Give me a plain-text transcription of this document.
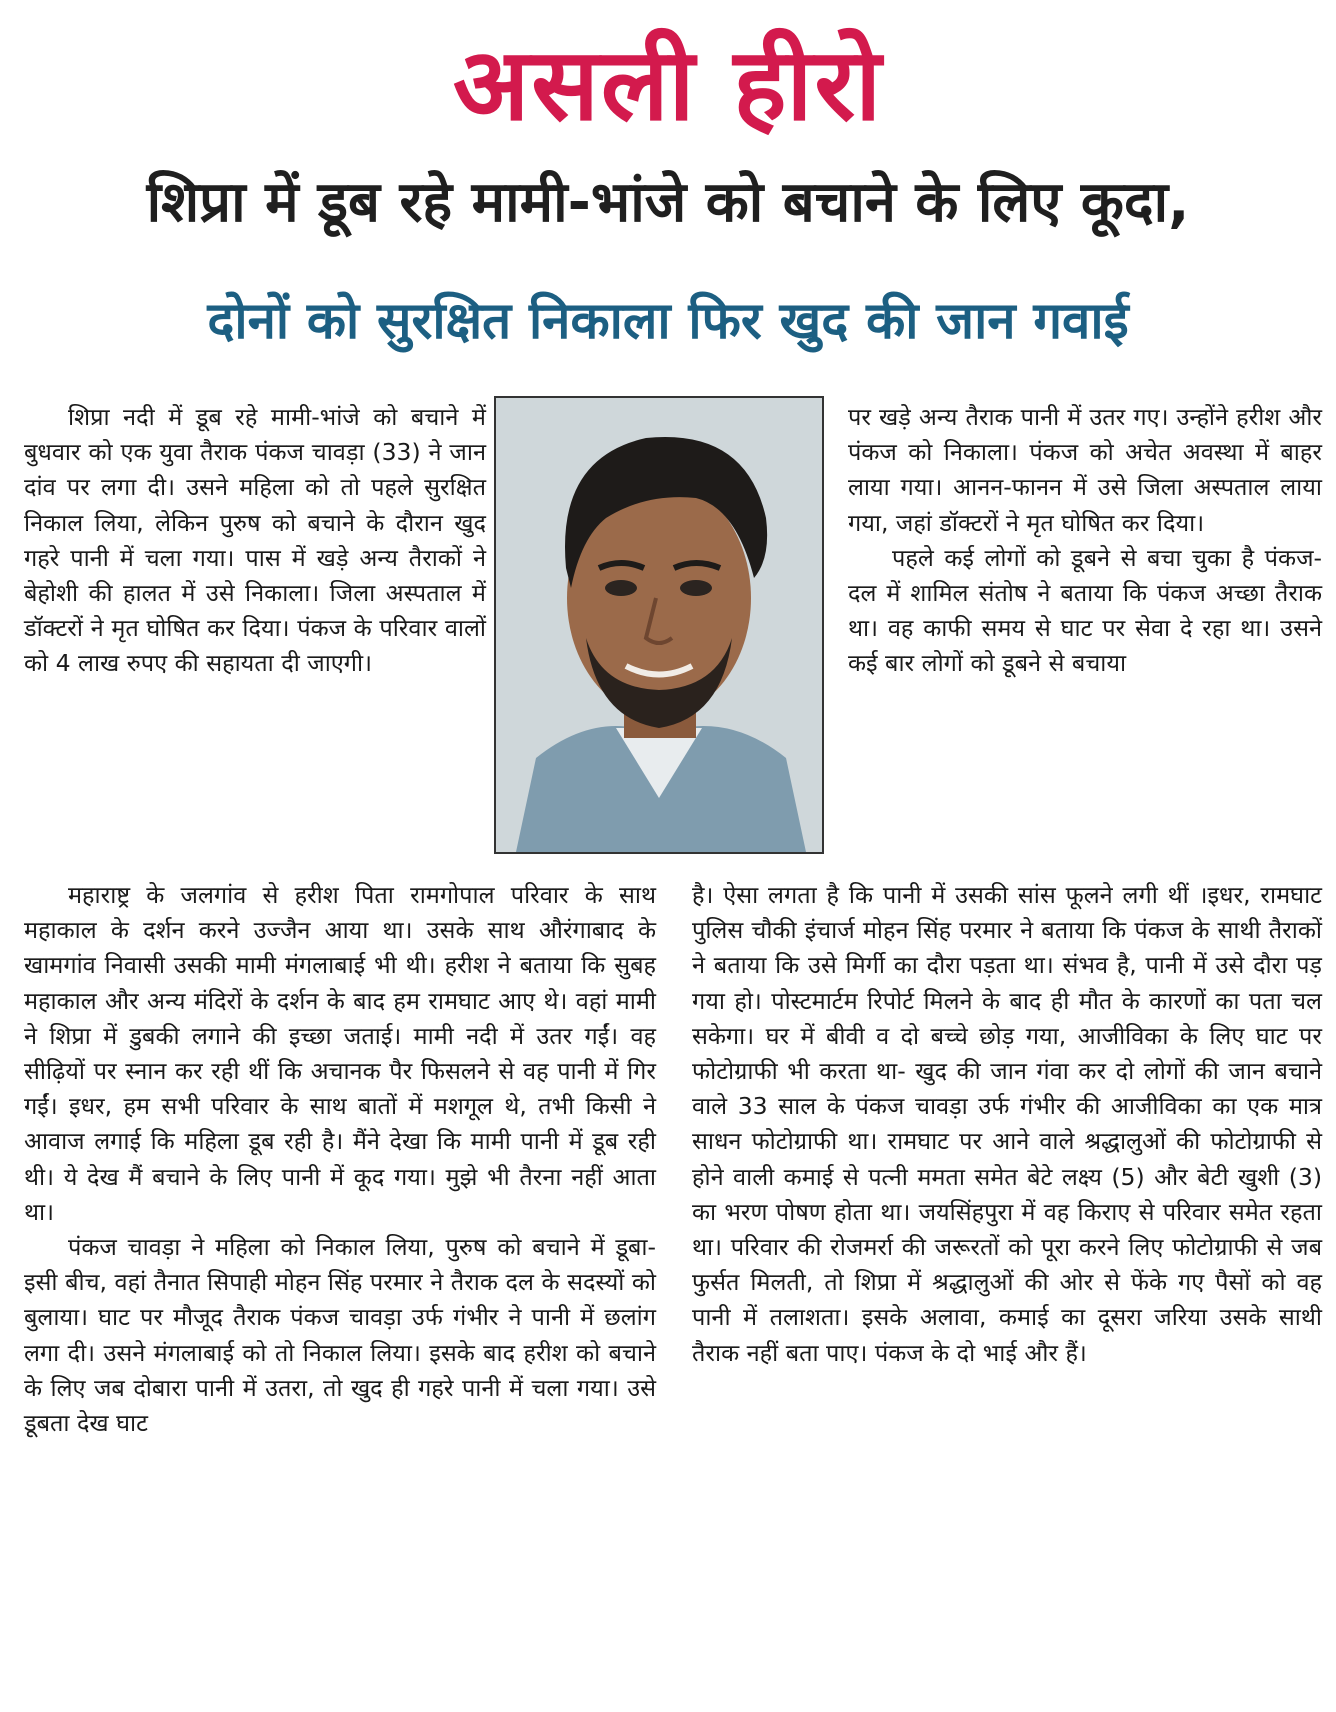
असली हीरो
शिप्रा में डूब रहे मामी-भांजे को बचाने के लिए कूदा,
दोनों को सुरक्षित निकाला फिर खुद की जान गवाई

शिप्रा नदी में डूब रहे मामी-भांजे को बचाने में बुधवार को एक युवा तैराक पंकज चावड़ा (33) ने जान दांव पर लगा दी। उसने महिला को तो पहले सुरक्षित निकाल लिया, लेकिन पुरुष को बचाने के दौरान खुद गहरे पानी में चला गया। पास में खड़े अन्य तैराकों ने बेहोशी की हालत में उसे निकाला। जिला अस्पताल में डॉक्टरों ने मृत घोषित कर दिया। पंकज के परिवार वालों को 4 लाख रुपए की सहायता दी जाएगी।

महाराष्ट्र के जलगांव से हरीश पिता रामगोपाल परिवार के साथ महाकाल के दर्शन करने उज्जैन आया था। उसके साथ औरंगाबाद के खामगांव निवासी उसकी मामी मंगलाबाई भी थी। हरीश ने बताया कि सुबह महाकाल और अन्य मंदिरों के दर्शन के बाद हम रामघाट आए थे। वहां मामी ने शिप्रा में डुबकी लगाने की इच्छा जताई। मामी नदी में उतर गईं। वह सीढ़ियों पर स्नान कर रही थीं कि अचानक पैर फिसलने से वह पानी में गिर गईं। इधर, हम सभी परिवार के साथ बातों में मशगूल थे, तभी किसी ने आवाज लगाई कि महिला डूब रही है। मैंने देखा कि मामी पानी में डूब रही थी। ये देख मैं बचाने के लिए पानी में कूद गया। मुझे भी तैरना नहीं आता था।

पंकज चावड़ा ने महिला को निकाल लिया, पुरुष को बचाने में डूबा- इसी बीच, वहां तैनात सिपाही मोहन सिंह परमार ने तैराक दल के सदस्यों को बुलाया। घाट पर मौजूद तैराक पंकज चावड़ा उर्फ गंभीर ने पानी में छलांग लगा दी। उसने मंगलाबाई को तो निकाल लिया। इसके बाद हरीश को बचाने के लिए जब दोबारा पानी में उतरा, तो खुद ही गहरे पानी में चला गया। उसे डूबता देख घाट

पर खड़े अन्य तैराक पानी में उतर गए। उन्होंने हरीश और पंकज को निकाला। पंकज को अचेत अवस्था में बाहर लाया गया। आनन-फानन में उसे जिला अस्पताल लाया गया, जहां डॉक्टरों ने मृत घोषित कर दिया।

पहले कई लोगों को डूबने से बचा चुका है पंकज- दल में शामिल संतोष ने बताया कि पंकज अच्छा तैराक था। वह काफी समय से घाट पर सेवा दे रहा था। उसने कई बार लोगों को डूबने से बचाया

है। ऐसा लगता है कि पानी में उसकी सांस फूलने लगी थीं ।इधर, रामघाट पुलिस चौकी इंचार्ज मोहन सिंह परमार ने बताया कि पंकज के साथी तैराकों ने बताया कि उसे मिर्गी का दौरा पड़ता था। संभव है, पानी में उसे दौरा पड़ गया हो। पोस्टमार्टम रिपोर्ट मिलने के बाद ही मौत के कारणों का पता चल सकेगा। घर में बीवी व दो बच्चे छोड़ गया, आजीविका के लिए घाट पर फोटोग्राफी भी करता था- खुद की जान गंवा कर दो लोगों की जान बचाने वाले 33 साल के पंकज चावड़ा उर्फ गंभीर की आजीविका का एक मात्र साधन फोटोग्राफी था। रामघाट पर आने वाले श्रद्धालुओं की फोटोग्राफी से होने वाली कमाई से पत्नी ममता समेत बेटे लक्ष्य (5) और बेटी खुशी (3) का भरण पोषण होता था। जयसिंहपुरा में वह किराए से परिवार समेत रहता था। परिवार की रोजमर्रा की जरूरतों को पूरा करने लिए फोटोग्राफी से जब फुर्सत मिलती, तो शिप्रा में श्रद्धालुओं की ओर से फेंके गए पैसों को वह पानी में तलाशता। इसके अलावा, कमाई का दूसरा जरिया उसके साथी तैराक नहीं बता पाए। पंकज के दो भाई और हैं।
